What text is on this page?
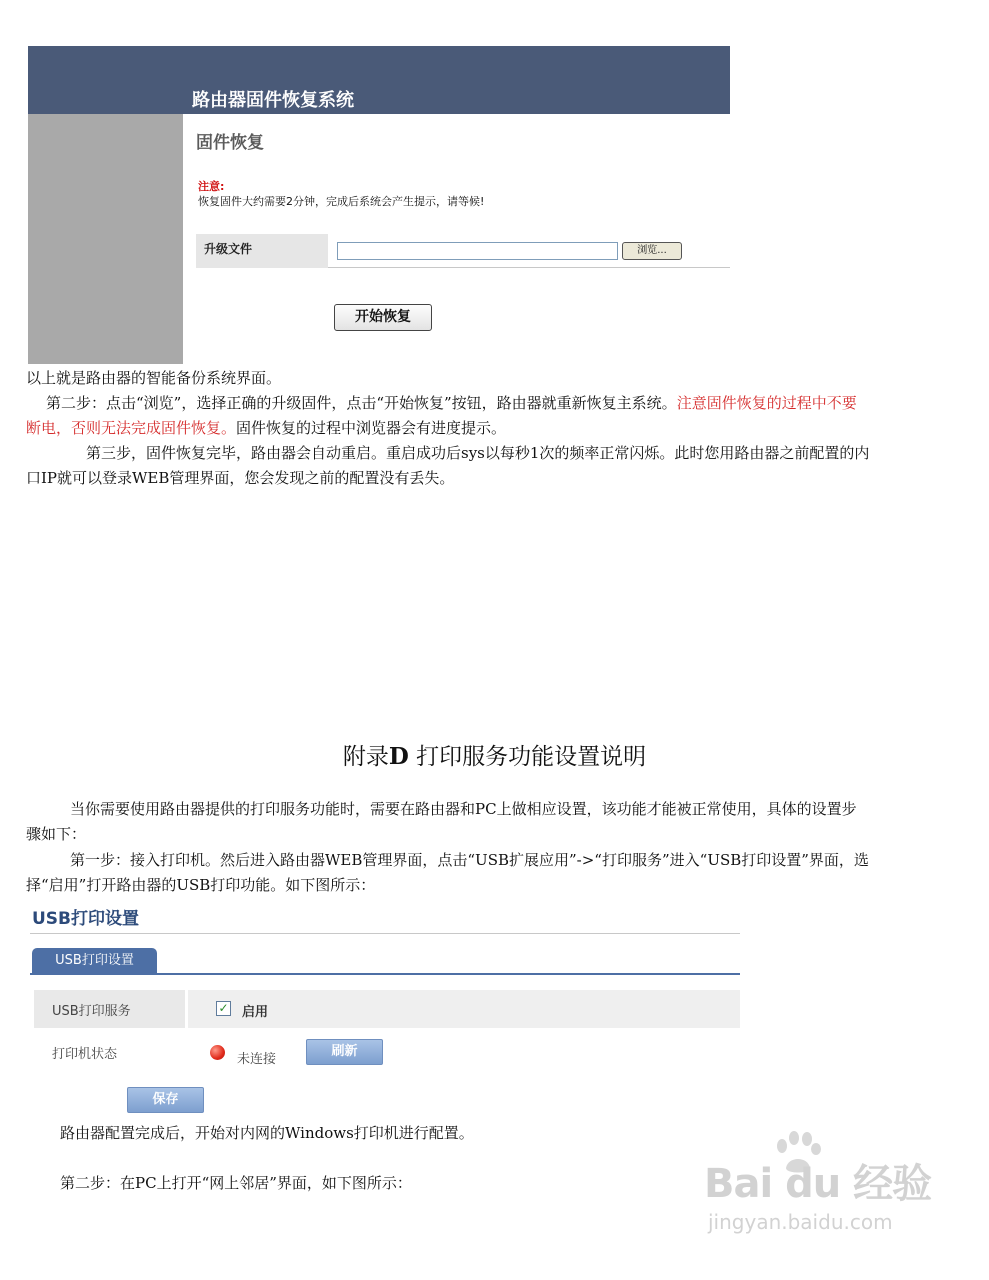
路由器固件恢复系统
固件恢复
注意:
恢复固件大约需要2分钟，完成后系统会产生提示，请等候!
升级文件	浏览...
开始恢复
以上就是路由器的智能备份系统界面。
第二步：点击“浏览”，选择正确的升级固件，点击“开始恢复”按钮，路由器就重新恢复主系统。注意固件恢复的过程中不要
断电，否则无法完成固件恢复。固件恢复的过程中浏览器会有进度提示。
第三步，固件恢复完毕，路由器会自动重启。重启成功后sys以每秒1次的频率正常闪烁。此时您用路由器之前配置的内
口IP就可以登录WEB管理界面，您会发现之前的配置没有丢失。
附录D 打印服务功能设置说明
当你需要使用路由器提供的打印服务功能时，需要在路由器和PC上做相应设置，该功能才能被正常使用，具体的设置步
骤如下：
第一步：接入打印机。然后进入路由器WEB管理界面，点击“USB扩展应用”->“打印服务”进入“USB打印设置”界面，选
择“启用”打开路由器的USB打印功能。如下图所示：
USB打印设置
USB打印设置
USB打印服务	✓ 启用
打印机状态	未连接
刷新
保存
路由器配置完成后，开始对内网的Windows打印机进行配置。
第二步：在PC上打开“网上邻居”界面，如下图所示：	Bai du 经验
jingyan.baidu.com
